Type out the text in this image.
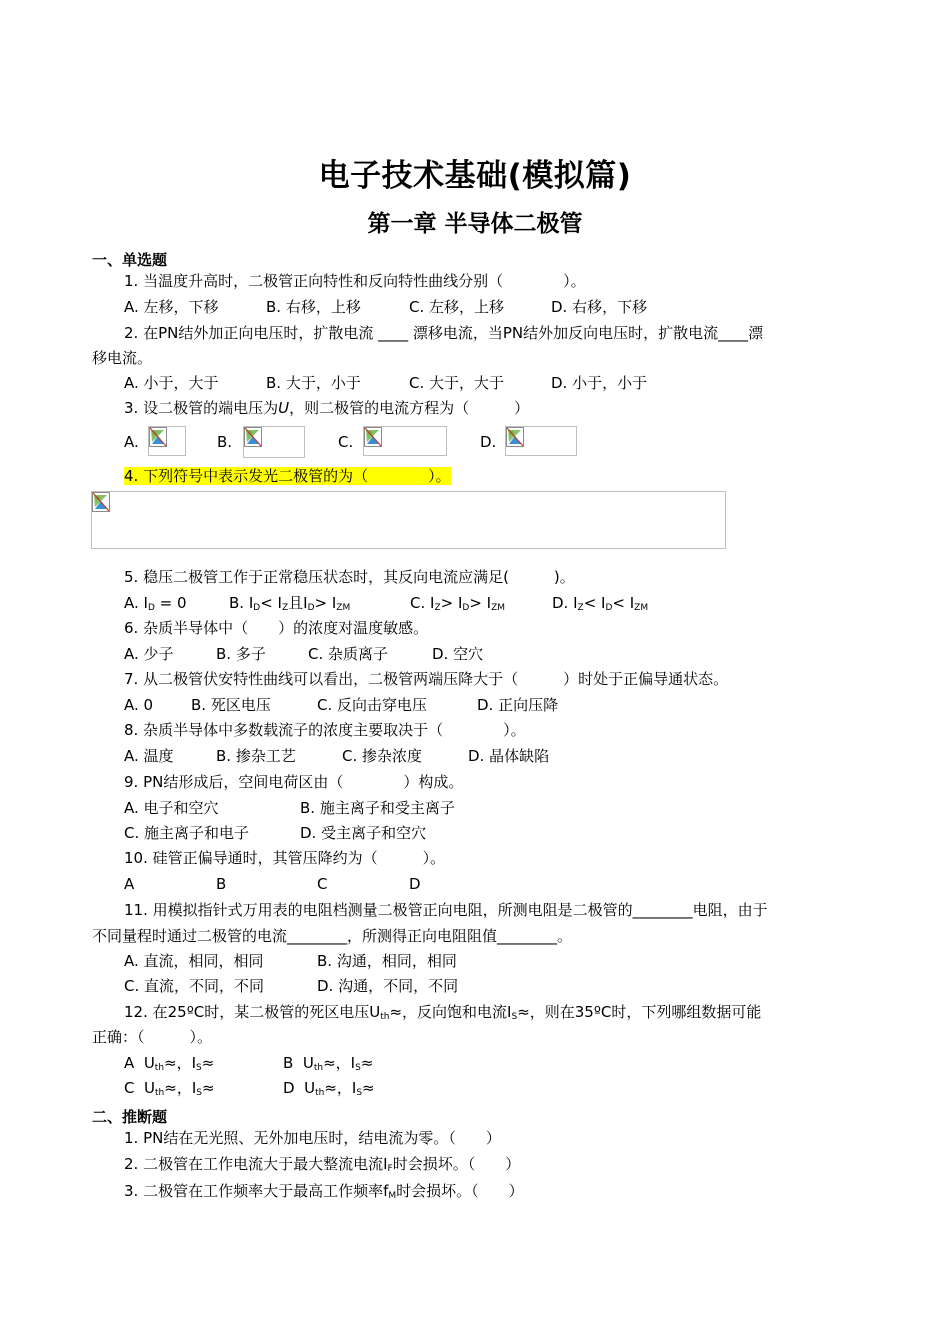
电子技术基础(模拟篇)
第一章 半导体二极管
一、单选题
1. 当温度升高时，二极管正向特性和反向特性曲线分别（　　　　）。
A. 左移，下移	B. 右移，上移	C. 左移，上移	D. 右移，下移
2. 在PN结外加正向电压时，扩散电流 ____ 漂移电流，当PN结外加反向电压时，扩散电流____漂
移电流。
A. 小于，大于	B. 大于，小于	C. 大于，大于	D. 小于，小于
3. 设二极管的端电压为U，则二极管的电流方程为（　　　）
A.	B.	C.	D.
4. 下列符号中表示发光二极管的为（　　　　）。
5. 稳压二极管工作于正常稳压状态时，其反向电流应满足(　　　)。
A. $I_D = 0$	B. $I_D< I_Z$且$I_D> I_{ZM}$	C. $I_Z> I_D> I_{ZM}$	D. $I_Z< I_D< I_{ZM}$
6. 杂质半导体中（　　）的浓度对温度敏感。
A. 少子	B. 多子	C. 杂质离子	D. 空穴
7. 从二极管伏安特性曲线可以看出，二极管两端压降大于（　　　）时处于正偏导通状态。
A. 0	B. 死区电压	C. 反向击穿电压	D. 正向压降
8. 杂质半导体中多数载流子的浓度主要取决于（　　　　）。
A. 温度	B. 掺杂工艺	C. 掺杂浓度	D. 晶体缺陷
9. PN结形成后，空间电荷区由（　　　　）构成。
A. 电子和空穴	B. 施主离子和受主离子
C. 施主离子和电子	D. 受主离子和空穴
10. 硅管正偏导通时，其管压降约为（　　　）。
A	B	C	D
11. 用模拟指针式万用表的电阻档测量二极管正向电阻，所测电阻是二极管的________电阻，由于
不同量程时通过二极管的电流________，所测得正向电阻阻值________。
A. 直流，相同，相同	B. 沟通，相同，相同
C. 直流，不同，不同	D. 沟通，不同，不同
12. 在25ºC时，某二极管的死区电压$U_{th}\approx$，反向饱和电流$I_S\approx$，则在35ºC时，下列哪组数据可能
正确：（　　　）。
A $U_{th}\approx$，$I_S\approx$	B $U_{th}\approx$，$I_S\approx$
C $U_{th}\approx$，$I_S\approx$	D $U_{th}\approx$，$I_S\approx$
二、推断题
1. PN结在无光照、无外加电压时，结电流为零。（　　）
2. 二极管在工作电流大于最大整流电流$I_F$时会损坏。（　　）
3. 二极管在工作频率大于最高工作频率$f_M$时会损坏。（　　）
